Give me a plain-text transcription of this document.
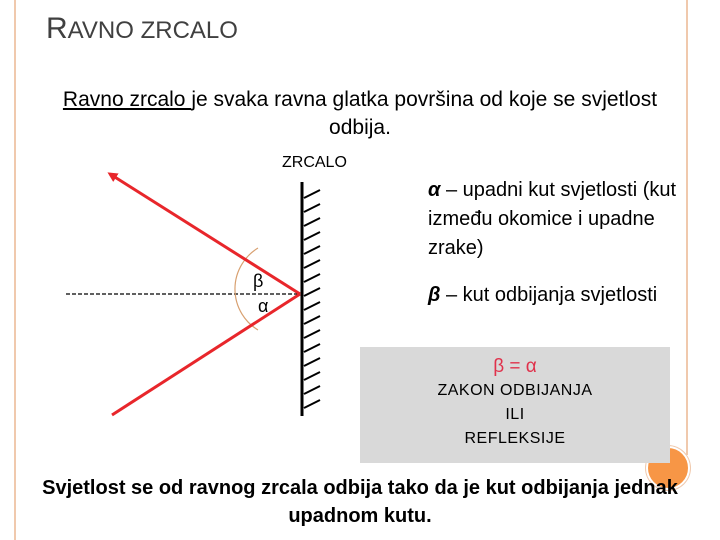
RAVNO ZRCALO
Ravno zrcalo je svaka ravna glatka površina od koje se svjetlost odbija.
ZRCALO
β
α
α – upadni kut svjetlosti (kut između okomice i upadne zrake)
β – kut odbijanja svjetlosti
β = α
ZAKON ODBIJANJA
ILI
REFLEKSIJE
Svjetlost se od ravnog zrcala odbija tako da je kut odbijanja jednak upadnom kutu.
